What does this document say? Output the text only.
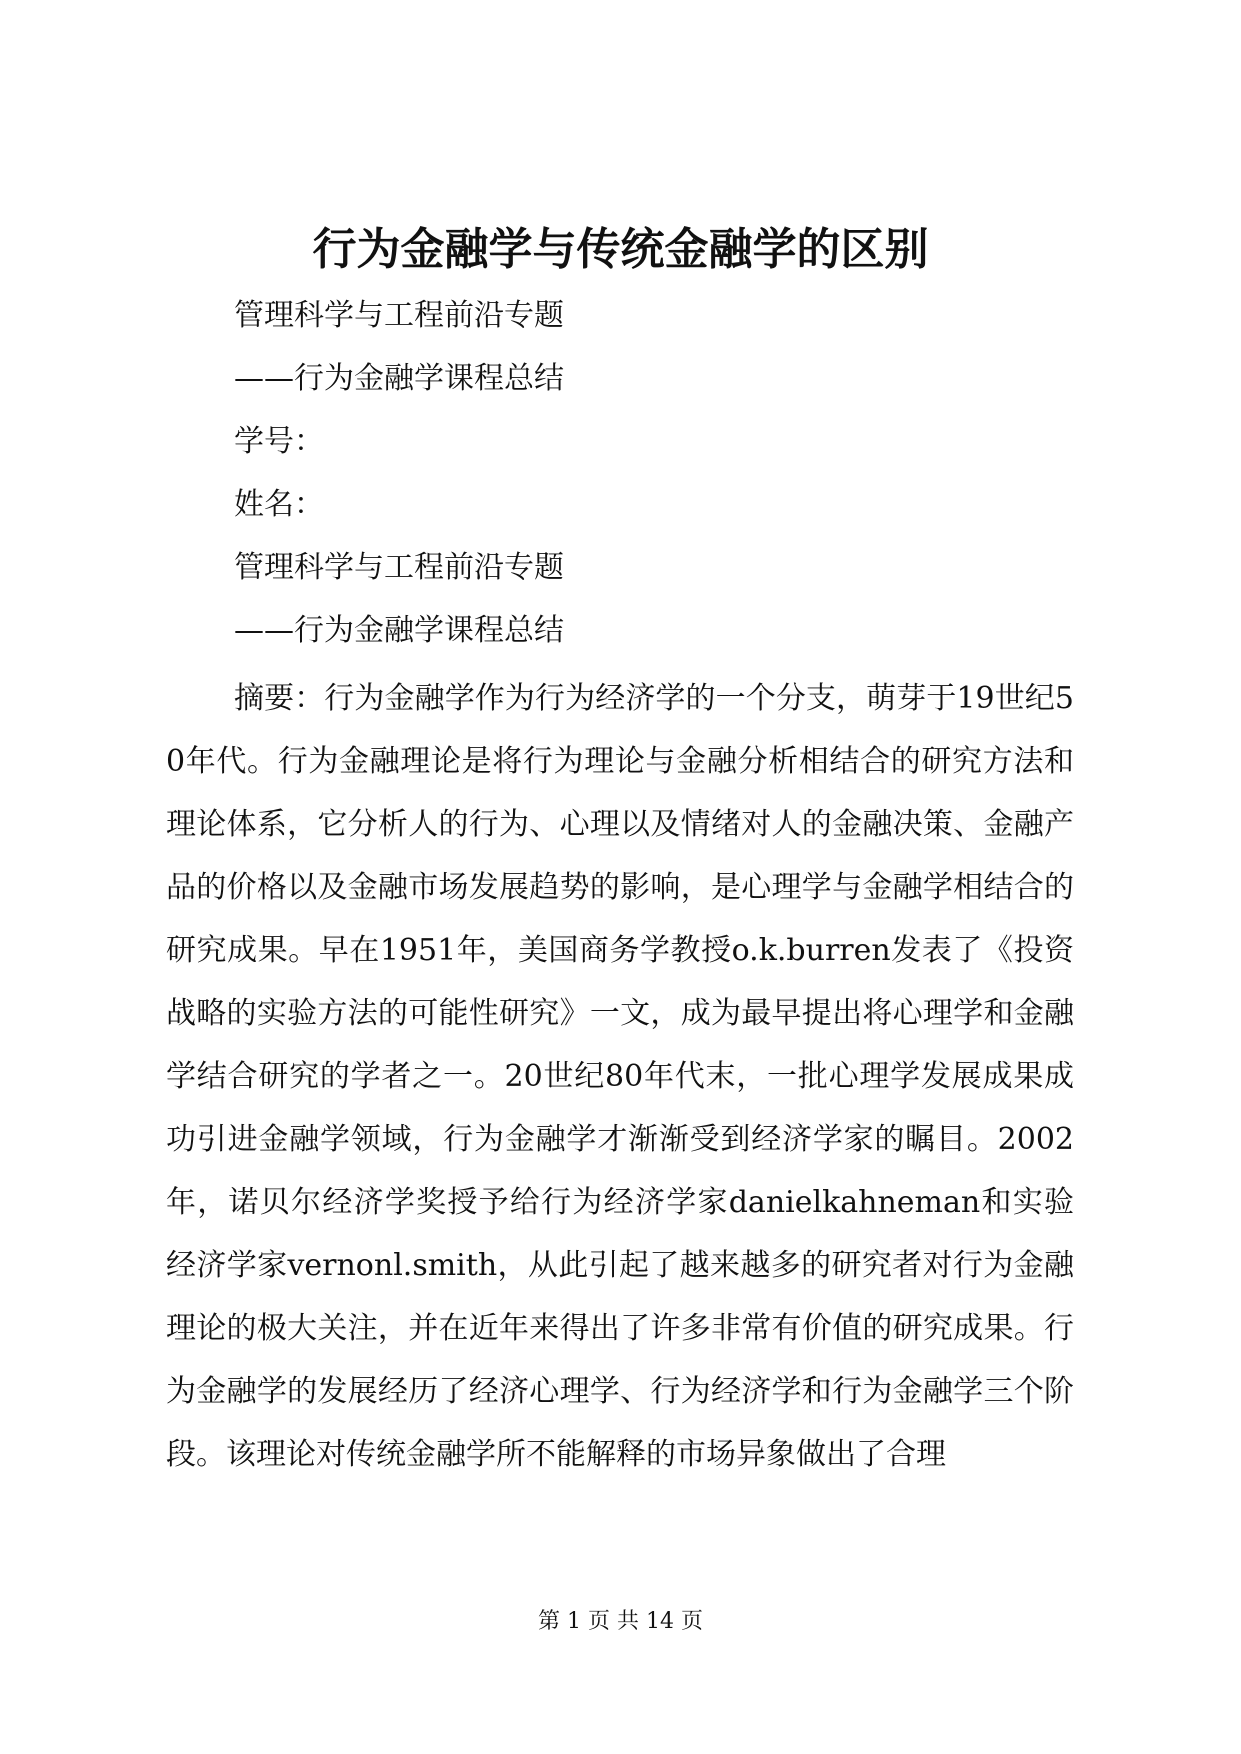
行为金融学与传统金融学的区别
管理科学与工程前沿专题
——行为金融学课程总结
学号：
姓名：
管理科学与工程前沿专题
——行为金融学课程总结
摘要：行为金融学作为行为经济学的一个分支，萌芽于19世纪50年代。行为金融理论是将行为理论与金融分析相结合的研究方法和理论体系，它分析人的行为、心理以及情绪对人的金融决策、金融产品的价格以及金融市场发展趋势的影响，是心理学与金融学相结合的研究成果。早在1951年，美国商务学教授o.k.burren发表了《投资战略的实验方法的可能性研究》一文，成为最早提出将心理学和金融学结合研究的学者之一。20世纪80年代末，一批心理学发展成果成功引进金融学领域，行为金融学才渐渐受到经济学家的瞩目。2002年，诺贝尔经济学奖授予给行为经济学家danielkahneman和实验经济学家vernonl.smith，从此引起了越来越多的研究者对行为金融理论的极大关注，并在近年来得出了许多非常有价值的研究成果。行为金融学的发展经历了经济心理学、行为经济学和行为金融学三个阶段。该理论对传统金融学所不能解释的市场异象做出了合理
第 1 页 共 14 页
